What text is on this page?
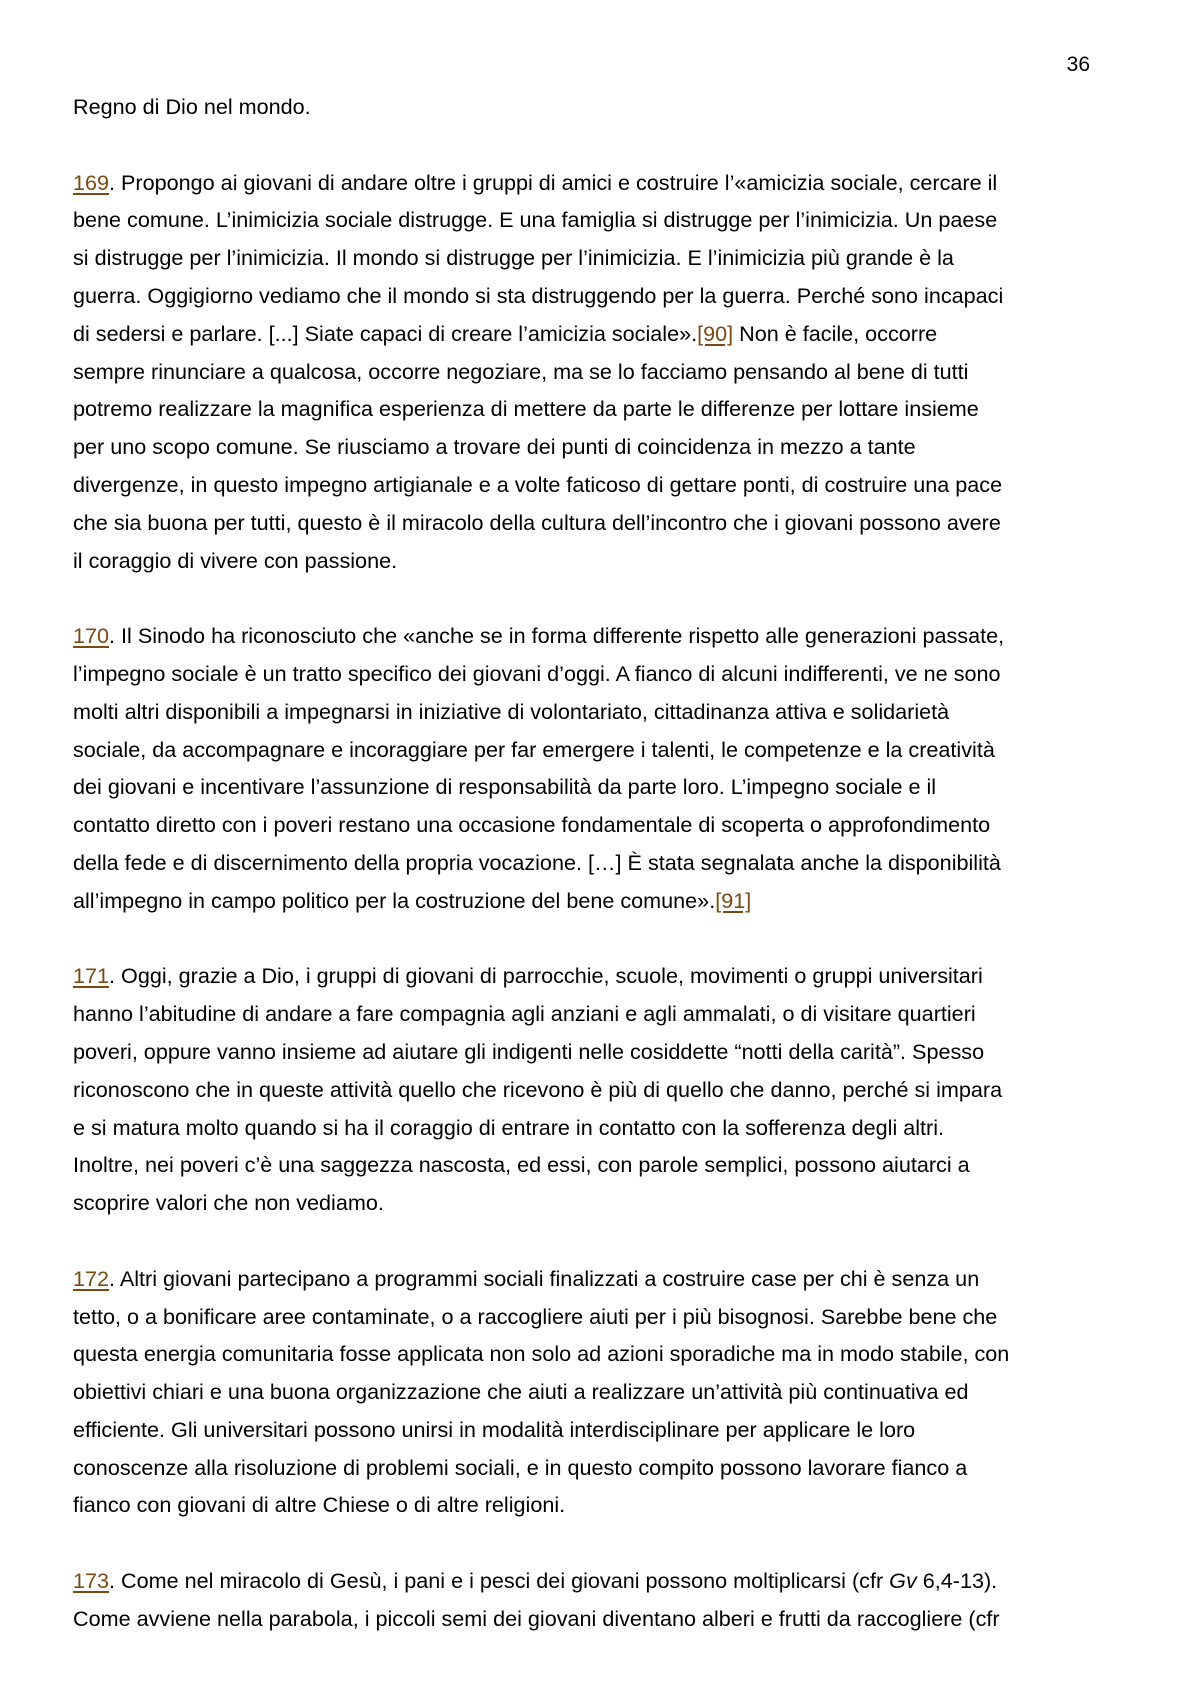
36
Regno di Dio nel mondo.
169. Propongo ai giovani di andare oltre i gruppi di amici e costruire l’«amicizia sociale, cercare il
bene comune. L’inimicizia sociale distrugge. E una famiglia si distrugge per l’inimicizia. Un paese
si distrugge per l’inimicizia. Il mondo si distrugge per l’inimicizia. E l’inimicizia più grande è la
guerra. Oggigiorno vediamo che il mondo si sta distruggendo per la guerra. Perché sono incapaci
di sedersi e parlare. [...] Siate capaci di creare l’amicizia sociale».[90] Non è facile, occorre
sempre rinunciare a qualcosa, occorre negoziare, ma se lo facciamo pensando al bene di tutti
potremo realizzare la magnifica esperienza di mettere da parte le differenze per lottare insieme
per uno scopo comune. Se riusciamo a trovare dei punti di coincidenza in mezzo a tante
divergenze, in questo impegno artigianale e a volte faticoso di gettare ponti, di costruire una pace
che sia buona per tutti, questo è il miracolo della cultura dell’incontro che i giovani possono avere
il coraggio di vivere con passione.
170. Il Sinodo ha riconosciuto che «anche se in forma differente rispetto alle generazioni passate,
l’impegno sociale è un tratto specifico dei giovani d’oggi. A fianco di alcuni indifferenti, ve ne sono
molti altri disponibili a impegnarsi in iniziative di volontariato, cittadinanza attiva e solidarietà
sociale, da accompagnare e incoraggiare per far emergere i talenti, le competenze e la creatività
dei giovani e incentivare l’assunzione di responsabilità da parte loro. L’impegno sociale e il
contatto diretto con i poveri restano una occasione fondamentale di scoperta o approfondimento
della fede e di discernimento della propria vocazione. […] È stata segnalata anche la disponibilità
all’impegno in campo politico per la costruzione del bene comune».[91]
171. Oggi, grazie a Dio, i gruppi di giovani di parrocchie, scuole, movimenti o gruppi universitari
hanno l’abitudine di andare a fare compagnia agli anziani e agli ammalati, o di visitare quartieri
poveri, oppure vanno insieme ad aiutare gli indigenti nelle cosiddette “notti della carità”. Spesso
riconoscono che in queste attività quello che ricevono è più di quello che danno, perché si impara
e si matura molto quando si ha il coraggio di entrare in contatto con la sofferenza degli altri.
Inoltre, nei poveri c’è una saggezza nascosta, ed essi, con parole semplici, possono aiutarci a
scoprire valori che non vediamo.
172. Altri giovani partecipano a programmi sociali finalizzati a costruire case per chi è senza un
tetto, o a bonificare aree contaminate, o a raccogliere aiuti per i più bisognosi. Sarebbe bene che
questa energia comunitaria fosse applicata non solo ad azioni sporadiche ma in modo stabile, con
obiettivi chiari e una buona organizzazione che aiuti a realizzare un’attività più continuativa ed
efficiente. Gli universitari possono unirsi in modalità interdisciplinare per applicare le loro
conoscenze alla risoluzione di problemi sociali, e in questo compito possono lavorare fianco a
fianco con giovani di altre Chiese o di altre religioni.
173. Come nel miracolo di Gesù, i pani e i pesci dei giovani possono moltiplicarsi (cfr Gv 6,4-13).
Come avviene nella parabola, i piccoli semi dei giovani diventano alberi e frutti da raccogliere (cfr
